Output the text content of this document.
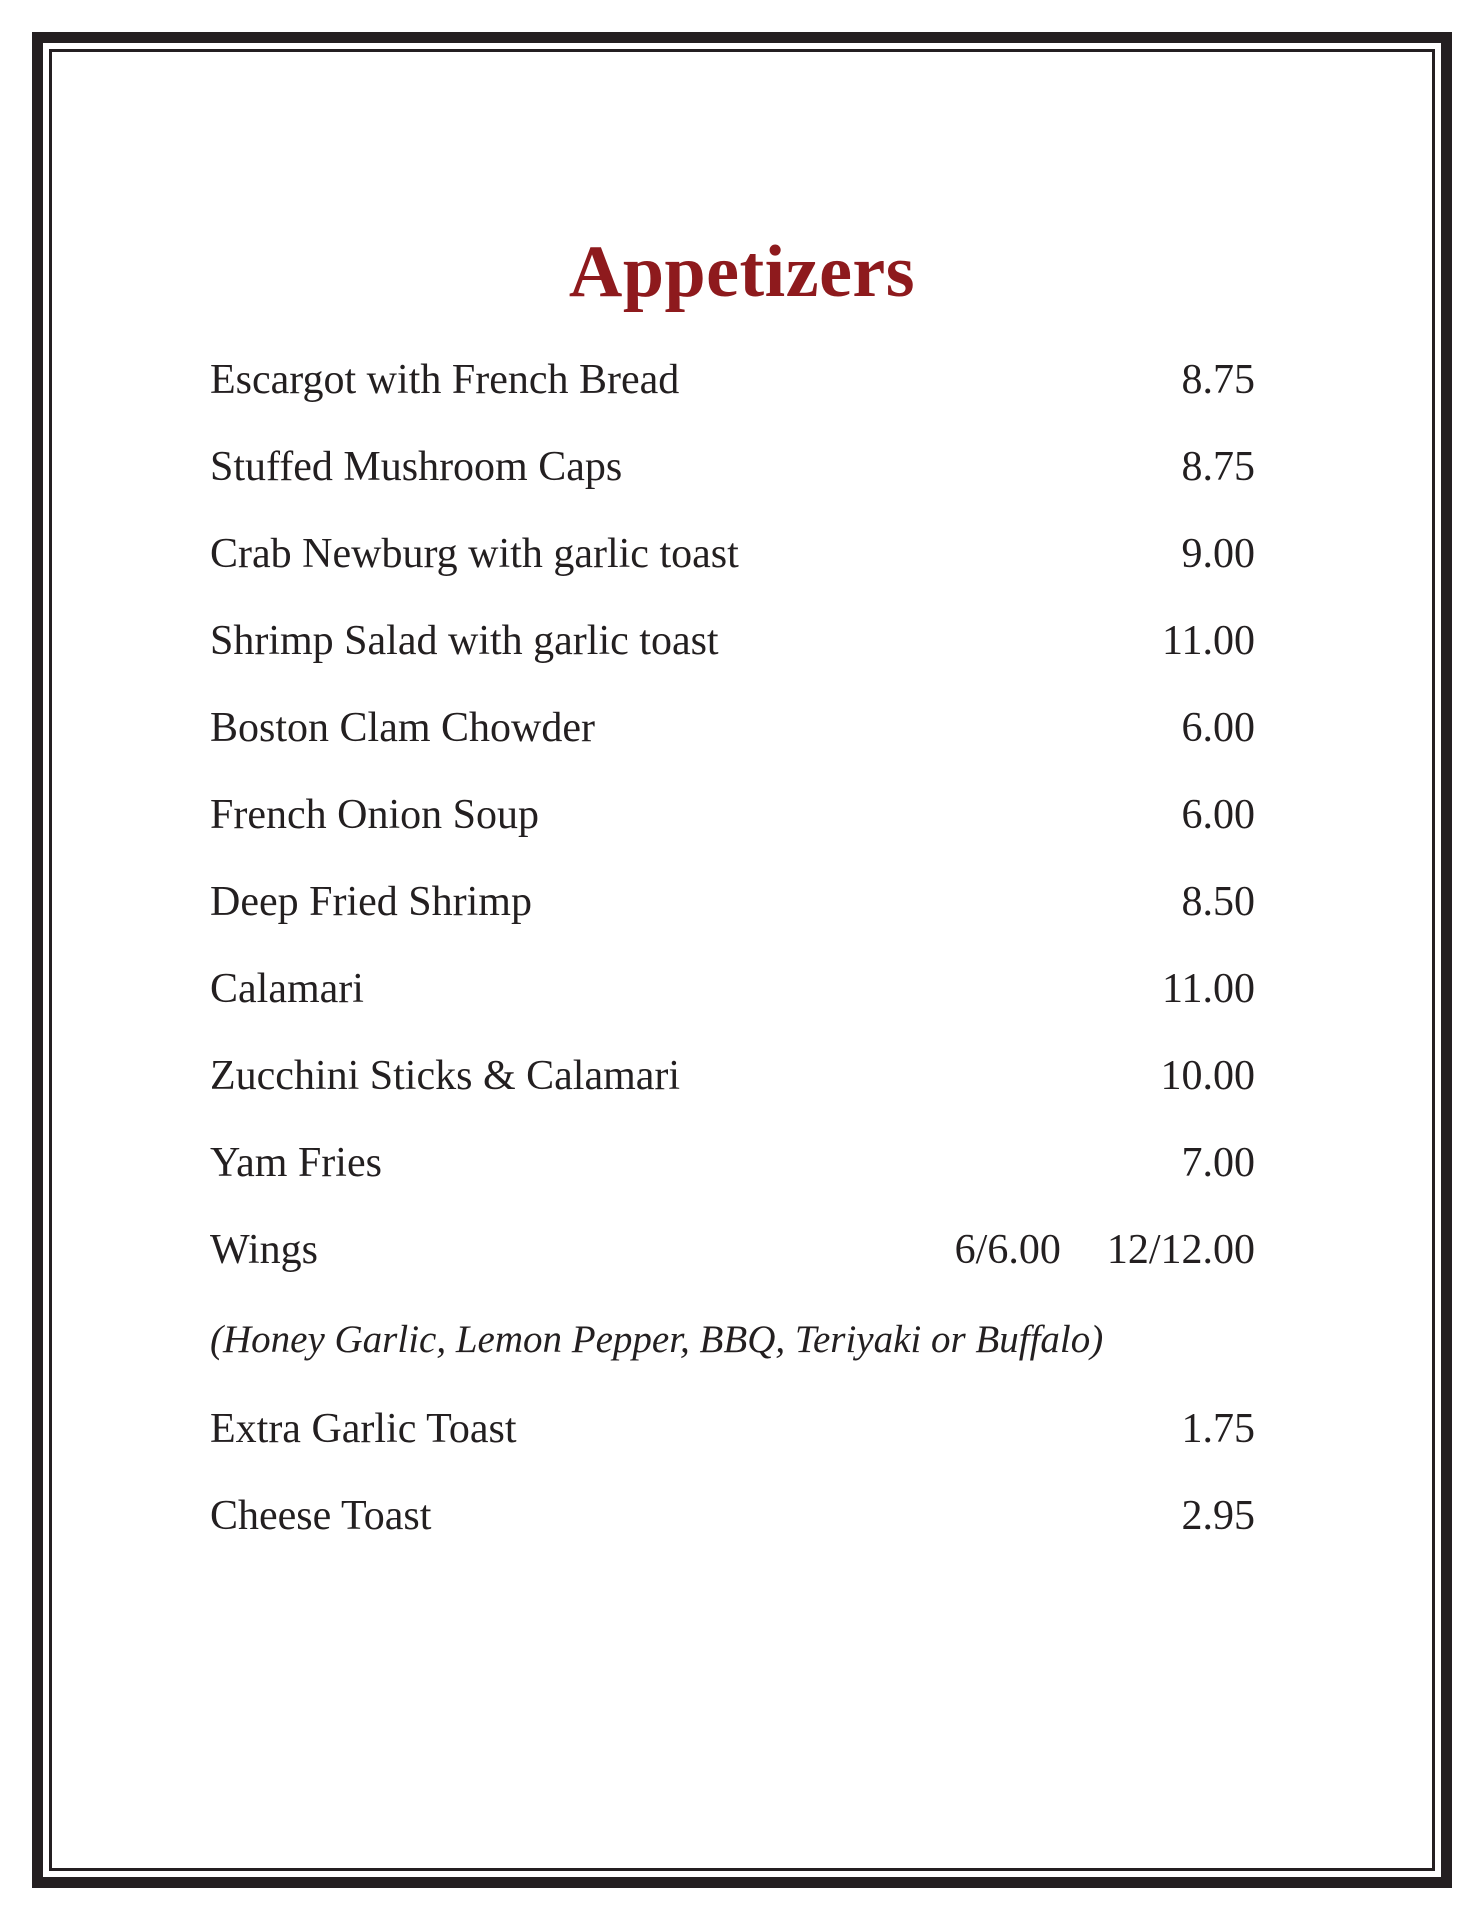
Appetizers
Escargot with French Bread	8.75
Stuffed Mushroom Caps	8.75
Crab Newburg with garlic toast	9.00
Shrimp Salad with garlic toast	11.00
Boston Clam Chowder	6.00
French Onion Soup	6.00
Deep Fried Shrimp	8.50
Calamari	11.00
Zucchini Sticks & Calamari	10.00
Yam Fries	7.00
Wings	6/6.00 12/12.00
(Honey Garlic, Lemon Pepper, BBQ, Teriyaki or Buffalo)
Extra Garlic Toast	1.75
Cheese Toast	2.95
